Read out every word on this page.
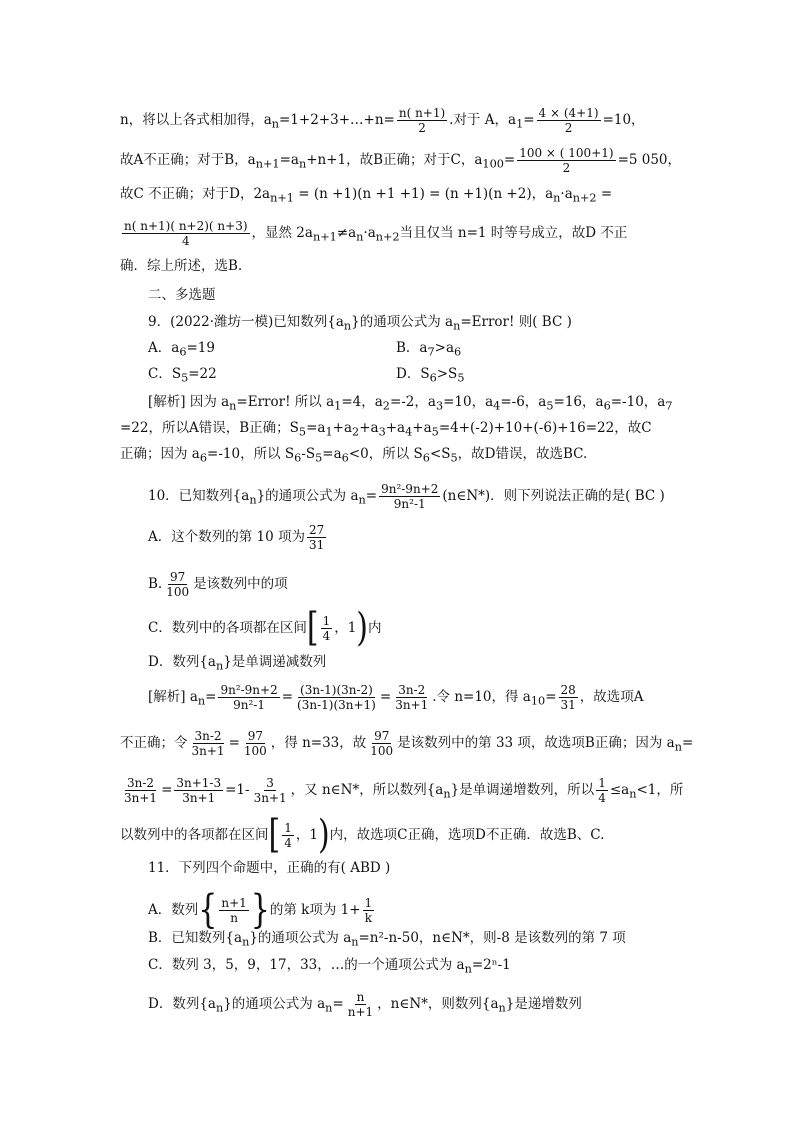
n，将以上各式相加得，$a_n=1+2+3+\dots+n= \frac{n( n+1)}{2}$ .对于 A，$a_1= \frac{4 \times (4+1)}{2} =10$，
故A不正确；对于B，$a_{n+1}=a_n+n+1$，故B正确；对于C，$a_{100}= \frac{100 \times ( 100+1)}{2} =5$ 050，
故C 不正确；对于D，$2a_{n+1} = (n +1)(n +1 +1) = (n +1)(n +2)$，$a_n\cdot a_{n+2}$ =
$\frac{n( n+1)( n+2)( n+3)}{4}$ ，显然 $2a_{n+1}\ne a_n\cdot a_{n+2}$当且仅当 n=1 时等号成立，故D 不正
确．综上所述，选B.
二、多选题
9．(2022·潍坊一模)已知数列$\{a_n\}$的通项公式为 $a_n=Error$! 则( BC )
A．$a_6=19$	B．$a_7>a_6$
C．$S_5=22$	D．$S_6>S_5$
[解析] 因为 $a_n=Error$! 所以 $a_1=4$，$a_2=-2$，$a_3=10$，$a_4=-6$，$a_5=16$，$a_6=-10$，$a_7$
=22，所以A错误，B正确；$S_5=a_1+a_2+a_3+a_4+a_5=4+(-2)+10+(-6)+16=22$，故C
正确；因为 $a_6=-10$，所以 $S_6-S_5=a_6<0$，所以 $S_6<S_5$，故D错误，故选BC.
10．已知数列$\{a_n\}$的通项公式为 $a_n= \frac{\text{9n²-9n+2}}{\text{9n²-1}}$ (n∈N*)．则下列说法正确的是( BC )
A．这个数列的第 10 项为 $\frac{27}{31}$
B. $\frac{97}{100}$ 是该数列中的项
C．数列中的各项都在区间[ $\frac{1}{4}$ ，1)内
D．数列$\{a_n\}$是单调递减数列
[解析] $a_n= \frac{\text{9n²-9n+2}}{\text{9n²-1}} = \frac{(3n-1)(3n-2)}{(3n-1)(3n+1)} = \frac{3n-2}{3n+1}$ .令 n=10，得 $a_{10}= \frac{28}{31}$ ，故选项A
不正确；令 $\frac{3n-2}{3n+1} = \frac{97}{100}$ ，得 n=33，故 $\frac{97}{100}$ 是该数列中的第 33 项，故选项B正确；因为 $a_n=$
$\frac{3n-2}{3n+1} = \frac{3n+1-3}{3n+1} =1- \frac{3}{3n+1}$ ，又 n∈N*，所以数列$\{a_n\}$是单调递增数列，所以 $\frac{1}{4} \le a_n<1$，所
以数列中的各项都在区间[ $\frac{1}{4}$ ，1)内，故选项C正确，选项D不正确．故选B、C.
11．下列四个命题中，正确的有( ABD )
A．数列{ $\frac{n+1}{n}$ }的第 k项为 $1+ \frac{1}{k}$
B．已知数列$\{a_n\}$的通项公式为 $a_n=n^2-n-50$，n∈N*，则-8 是该数列的第 7 项
C．数列 3，5，9，17，33，…的一个通项公式为 $a_n=2^n-1$
D．数列$\{a_n\}$的通项公式为 $a_n= \frac{n}{n+1}$ ，n∈N*，则数列$\{a_n\}$是递增数列
